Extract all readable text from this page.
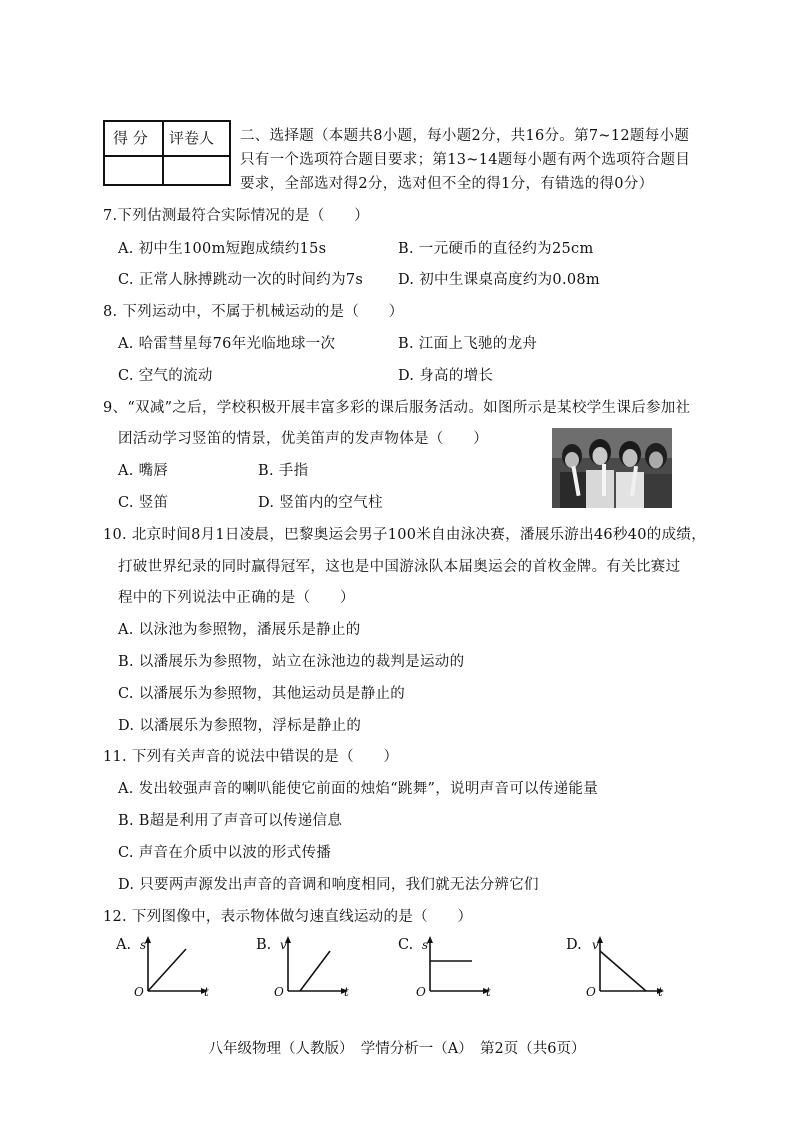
得 分 评卷人 二、选择题（本题共8小题，每小题2分，共16分。第7~12题每小题
只有一个选项符合题目要求；第13~14题每小题有两个选项符合题目
要求，全部选对得2分，选对但不全的得1分，有错选的得0分）
7.下列估测最符合实际情况的是（　　）
A. 初中生100m短跑成绩约15s	B. 一元硬币的直径约为25cm
C. 正常人脉搏跳动一次的时间约为7s D. 初中生课桌高度约为0.08m
8. 下列运动中，不属于机械运动的是（　　）
A. 哈雷彗星每76年光临地球一次	B. 江面上飞驰的龙舟
C. 空气的流动	D. 身高的增长
9、“双减”之后，学校积极开展丰富多彩的课后服务活动。如图所示是某校学生课后参加社
团活动学习竖笛的情景，优美笛声的发声物体是（　　）
A. 嘴唇	B. 手指
C. 竖笛	D. 竖笛内的空气柱
10. 北京时间8月1日凌晨，巴黎奥运会男子100米自由泳决赛，潘展乐游出46秒40的成绩，
打破世界纪录的同时赢得冠军，这也是中国游泳队本届奥运会的首枚金牌。有关比赛过
程中的下列说法中正确的是（　　）
A. 以泳池为参照物，潘展乐是静止的
B. 以潘展乐为参照物，站立在泳池边的裁判是运动的
C. 以潘展乐为参照物，其他运动员是静止的
D. 以潘展乐为参照物，浮标是静止的
11. 下列有关声音的说法中错误的是（　　）
A. 发出较强声音的喇叭能使它前面的烛焰“跳舞”，说明声音可以传递能量
B. B超是利用了声音可以传递信息
C. 声音在介质中以波的形式传播
D. 只要两声源发出声音的音调和响度相同，我们就无法分辨它们
12. 下列图像中，表示物体做匀速直线运动的是（　　）
A. s
t
O
B. v
t
O
C. s
t
O
D. v
t
O
八年级物理（人教版）　学情分析一（A）　第2页（共6页）
